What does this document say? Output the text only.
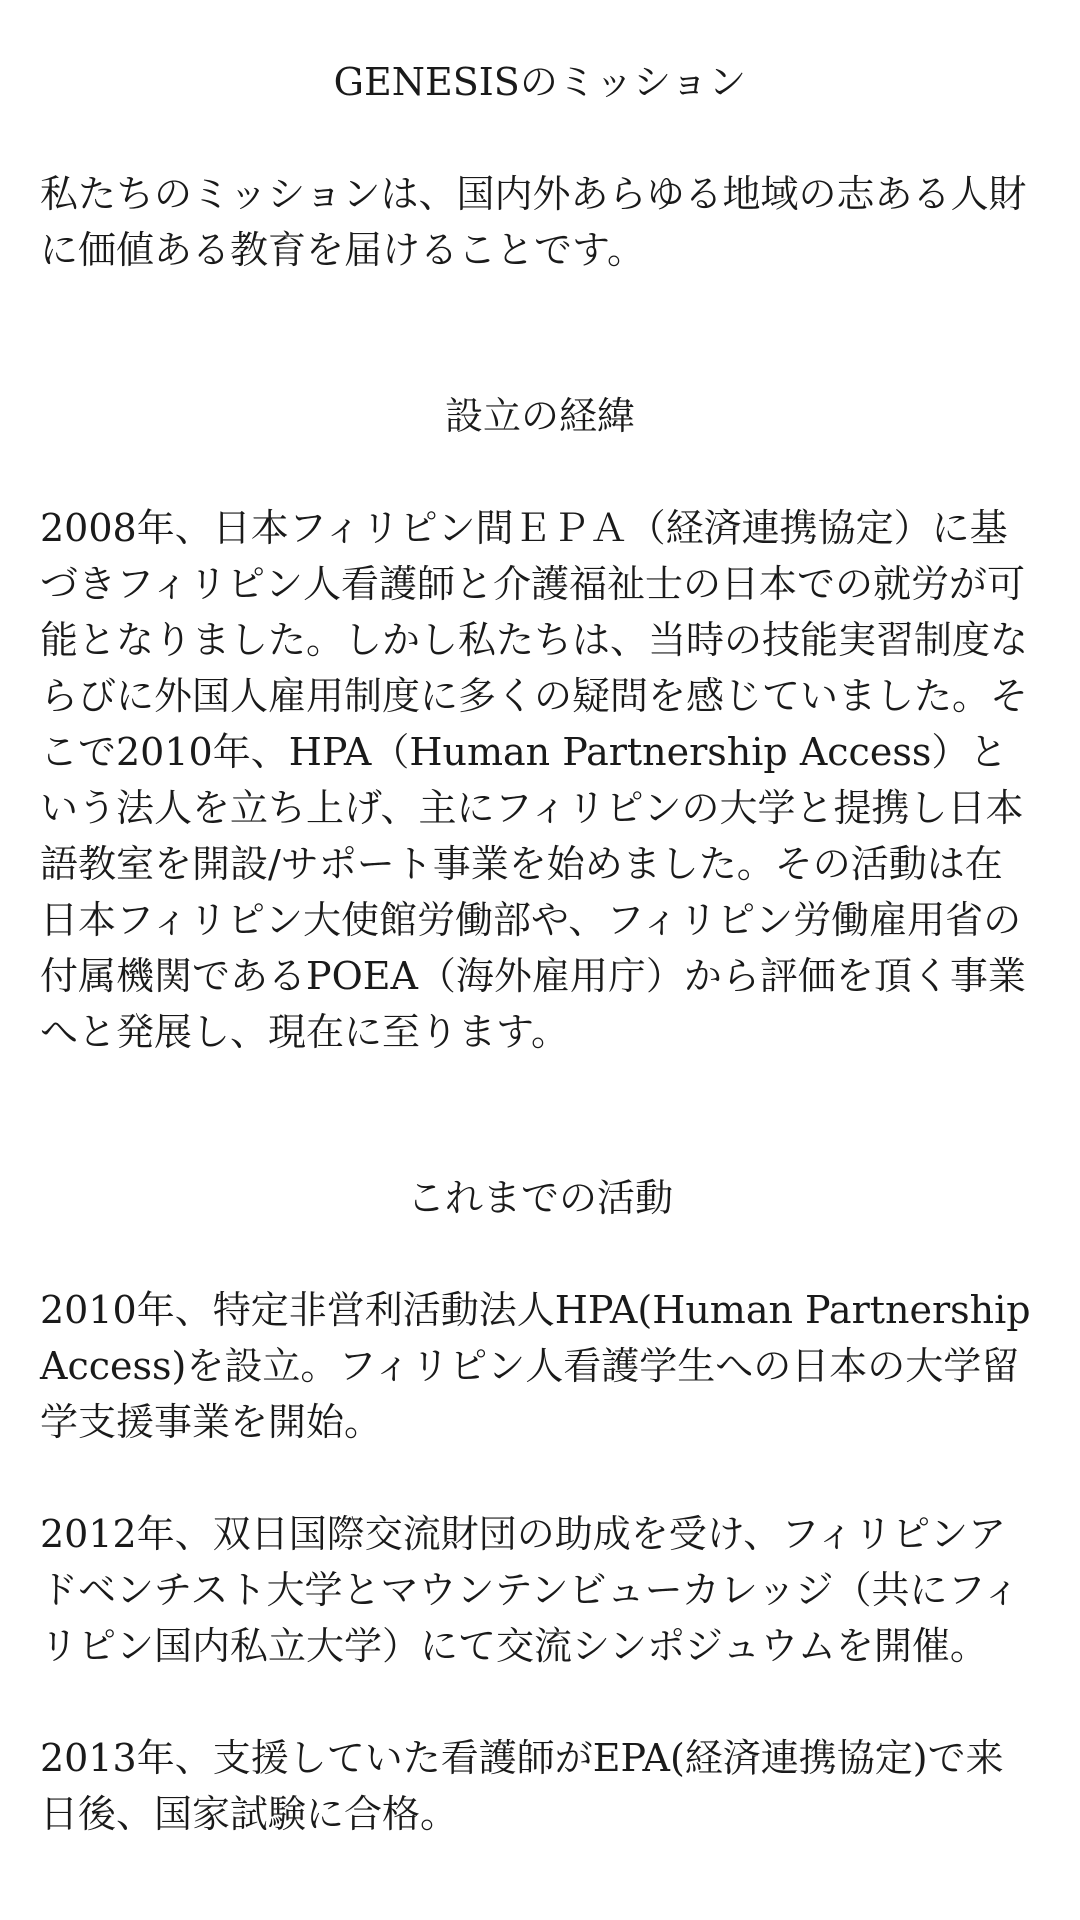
GENESISのミッション

私たちのミッションは、国内外あらゆる地域の志ある人財に価値ある教育を届けることです。

設立の経緯

2008年、日本フィリピン間ＥＰＡ（経済連携協定）に基づきフィリピン人看護師と介護福祉士の日本での就労が可能となりました。しかし私たちは、当時の技能実習制度ならびに外国人雇用制度に多くの疑問を感じていました。そこで2010年、HPA（Human Partnership Access）という法人を立ち上げ、主にフィリピンの大学と提携し日本語教室を開設/サポート事業を始めました。その活動は在日本フィリピン大使館労働部や、フィリピン労働雇用省の付属機関であるPOEA（海外雇用庁）から評価を頂く事業へと発展し、現在に至ります。

これまでの活動

2010年、特定非営利活動法人HPA(Human Partnership Access)を設立。フィリピン人看護学生への日本の大学留学支援事業を開始。

2012年、双日国際交流財団の助成を受け、フィリピンアドベンチスト大学とマウンテンビューカレッジ（共にフィリピン国内私立大学）にて交流シンポジュウムを開催。

2013年、支援していた看護師がEPA(経済連携協定)で来日後、国家試験に合格。
